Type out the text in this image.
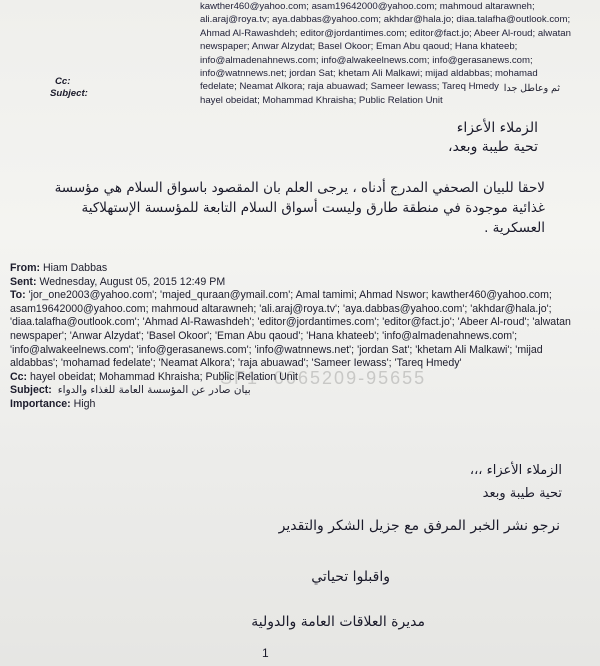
SF1- 0065209-95655
kawther460@yahoo.com; asam19642000@yahoo.com; mahmoud altarawneh;
ali.araj@roya.tv; aya.dabbas@yahoo.com; akhdar@hala.jo; diaa.talafha@outlook.com;
Ahmad Al-Rawashdeh; editor@jordantimes.com; editor@fact.jo; Abeer Al-roud; alwatan
newspaper; Anwar Alzydat; Basel Okoor; Eman Abu qaoud; Hana khateeb;
info@almadenahnews.com; info@alwakeelnews.com; info@gerasanews.com;
info@watnnews.net; jordan Sat; khetam Ali Malkawi; mijad aldabbas; mohamad
fedelate; Neamat Alkora; raja abuawad; Sameer Iewass; Tareq Hmedy
hayel obeidat; Mohammad Khraisha; Public Relation Unit
Cc:
Subject:	ثم وعاطل جدا
الزملاء الأعزاء
تحية طيبة وبعد،
لاحقا للبيان الصحفي المدرج أدناه ، يرجى العلم بان المقصود باسواق السلام هي مؤسسة غذائية موجودة في منطقة طارق وليست أسواق السلام التابعة للمؤسسة الإستهلاكية العسكرية .
From: Hiam Dabbas
Sent: Wednesday, August 05, 2015 12:49 PM
To: 'jor_one2003@yahoo.com'; 'majed_quraan@ymail.com'; Amal tamimi; Ahmad Nswor; kawther460@yahoo.com;
asam19642000@yahoo.com; mahmoud altarawneh; 'ali.araj@roya.tv'; 'aya.dabbas@yahoo.com'; 'akhdar@hala.jo';
'diaa.talafha@outlook.com'; 'Ahmad Al-Rawashdeh'; 'editor@jordantimes.com'; 'editor@fact.jo'; 'Abeer Al-roud'; 'alwatan
newspaper'; 'Anwar Alzydat'; 'Basel Okoor'; 'Eman Abu qaoud'; 'Hana khateeb'; 'info@almadenahnews.com';
'info@alwakeelnews.com'; 'info@gerasanews.com'; 'info@watnnews.net'; 'jordan Sat'; 'khetam Ali Malkawi'; 'mijad
aldabbas'; 'mohamad fedelate'; 'Neamat Alkora'; 'raja abuawad'; 'Sameer Iewass'; 'Tareq Hmedy'
Cc: hayel obeidat; Mohammad Khraisha; Public Relation Unit
Subject: بيان صادر عن المؤسسة العامة للغذاء والدواء
Importance: High
الزملاء الأعزاء ،،،
تحية طيبة وبعد
نرجو نشر الخبر المرفق مع جزيل الشكر والتقدير
واقبلوا تحياتي
مديرة العلاقات العامة والدولية
1
